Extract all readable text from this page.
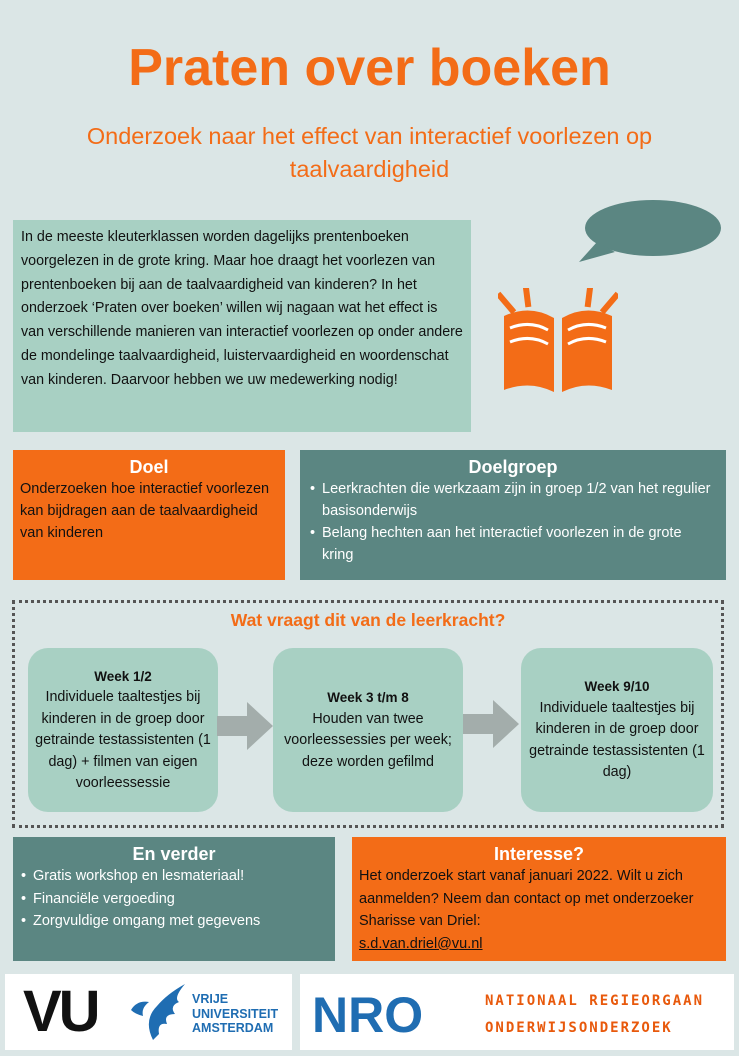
Praten over boeken
Onderzoek naar het effect van interactief voorlezen op taalvaardigheid
In de meeste kleuterklassen worden dagelijks prentenboeken voorgelezen in de grote kring. Maar hoe draagt het voorlezen van prentenboeken bij aan de taalvaardigheid van kinderen? In het onderzoek ‘Praten over boeken’ willen wij nagaan wat het effect is van verschillende manieren van interactief voorlezen op onder andere de mondelinge taalvaardigheid, luistervaardigheid en woordenschat van kinderen. Daarvoor hebben we uw medewerking nodig!
Doel
Onderzoeken hoe interactief voorlezen kan bijdragen aan de taalvaardigheid van kinderen
Doelgroep
• Leerkrachten die werkzaam zijn in groep 1/2 van het regulier basisonderwijs
• Belang hechten aan het interactief voorlezen in de grote kring
Wat vraagt dit van de leerkracht?
Week 1/2
Individuele taaltestjes bij kinderen in de groep door getrainde testassistenten (1 dag) + filmen van eigen voorleessessie
Week 3 t/m 8
Houden van twee voorleessessies per week; deze worden gefilmd
Week 9/10
Individuele taaltestjes bij kinderen in de groep door getrainde testassistenten (1 dag)
En verder
• Gratis workshop en lesmateriaal!
• Financiële vergoeding
• Zorgvuldige omgang met gegevens
Interesse?
Het onderzoek start vanaf januari 2022. Wilt u zich aanmelden? Neem dan contact op met onderzoeker Sharisse van Driel:
s.d.van.driel@vu.nl
VU	VRIJE
UNIVERSITEIT
AMSTERDAM NRO	NATIONAAL REGIEORGAAN
ONDERWIJSONDERZOEK
